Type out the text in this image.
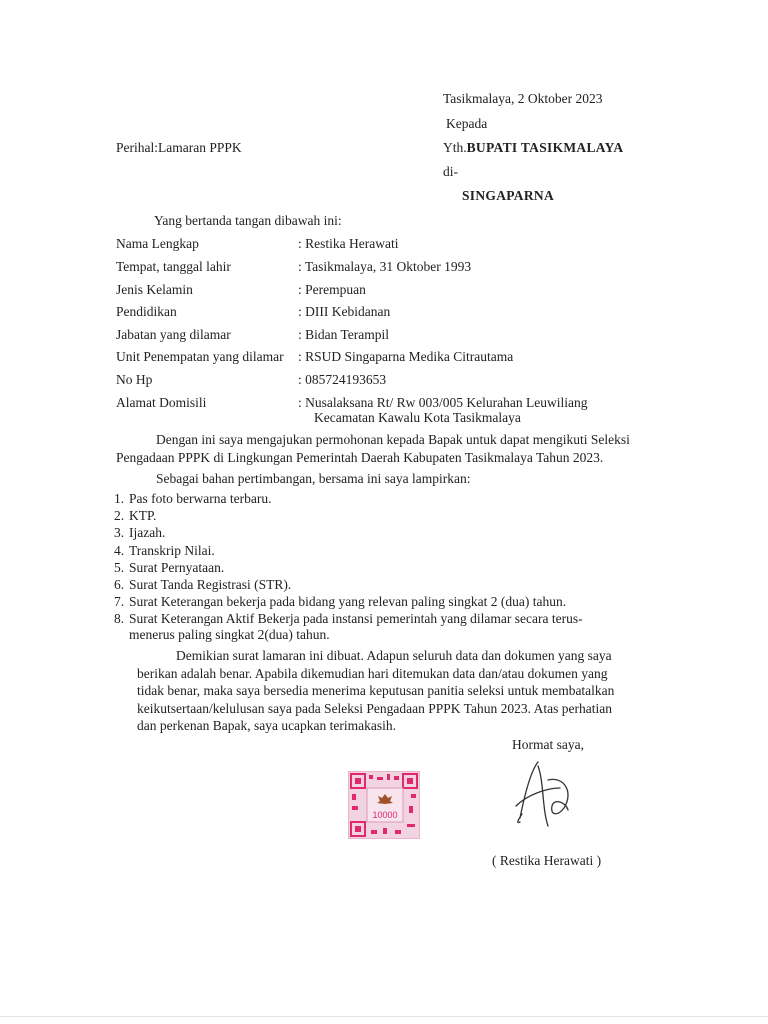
Tasikmalaya, 2 Oktober 2023
Kepada
Perihal:Lamaran PPPK	Yth.BUPATI TASIKMALAYA
di-
SINGAPARNA
Yang bertanda tangan dibawah ini:
Nama Lengkap	: Restika Herawati
Tempat, tanggal lahir	: Tasikmalaya, 31 Oktober 1993
Jenis Kelamin	: Perempuan
Pendidikan	: DIII Kebidanan
Jabatan yang dilamar	: Bidan Terampil
Unit Penempatan yang dilamar : RSUD Singaparna Medika Citrautama
No Hp	: 085724193653
Alamat Domisili	: Nusalaksana Rt/ Rw 003/005 Kelurahan Leuwiliang
Kecamatan Kawalu Kota Tasikmalaya
Dengan ini saya mengajukan permohonan kepada Bapak untuk dapat mengikuti Seleksi
Pengadaan PPPK di Lingkungan Pemerintah Daerah Kabupaten Tasikmalaya Tahun 2023.
Sebagai bahan pertimbangan, bersama ini saya lampirkan:
1. Pas foto berwarna terbaru.
2. KTP.
3. Ijazah.
4. Transkrip Nilai.
5. Surat Pernyataan.
6. Surat Tanda Registrasi (STR).
7. Surat Keterangan bekerja pada bidang yang relevan paling singkat 2 (dua) tahun.
8. Surat Keterangan Aktif Bekerja pada instansi pemerintah yang dilamar secara terus-
menerus paling singkat 2(dua) tahun.
Demikian surat lamaran ini dibuat. Adapun seluruh data dan dokumen yang saya
berikan adalah benar. Apabila dikemudian hari ditemukan data dan/atau dokumen yang
tidak benar, maka saya bersedia menerima keputusan panitia seleksi untuk membatalkan
keikutsertaan/kelulusan saya pada Seleksi Pengadaan PPPK Tahun 2023. Atas perhatian
dan perkenan Bapak, saya ucapkan terimakasih.
Hormat saya,
10000
( Restika Herawati )
